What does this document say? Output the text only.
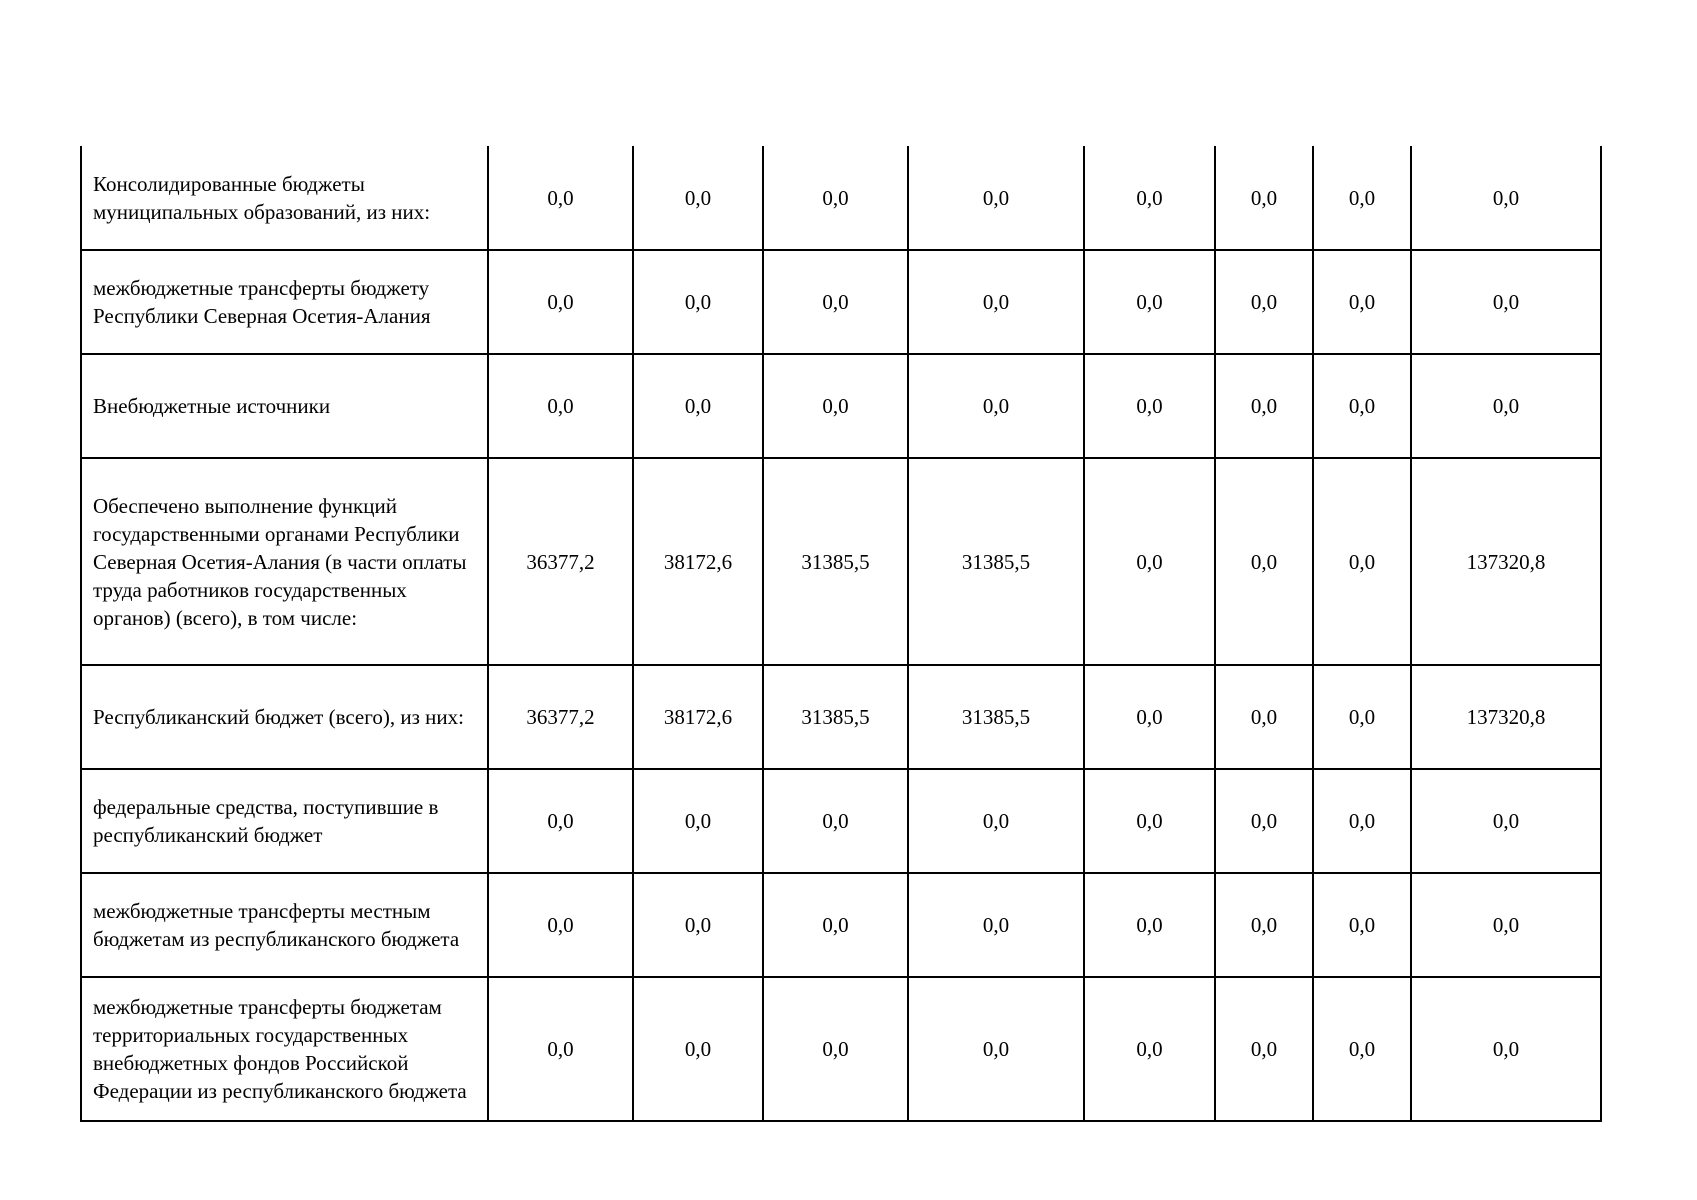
Консолидированные бюджеты муниципальных образований, из них:	0,0	0,0	0,0	0,0	0,0	0,0	0,0	0,0
межбюджетные трансферты бюджету Республики Северная Осетия-Алания	0,0	0,0	0,0	0,0	0,0	0,0	0,0	0,0
Внебюджетные источники	0,0	0,0	0,0	0,0	0,0	0,0	0,0	0,0
Обеспечено выполнение функций государственными органами Республики Северная Осетия-Алания (в части оплаты труда работников государственных органов) (всего), в том числе:	36377,2	38172,6	31385,5	31385,5	0,0	0,0	0,0	137320,8
Республиканский бюджет (всего), из них:	36377,2	38172,6	31385,5	31385,5	0,0	0,0	0,0	137320,8
федеральные средства, поступившие в республиканский бюджет	0,0	0,0	0,0	0,0	0,0	0,0	0,0	0,0
межбюджетные трансферты местным бюджетам из республиканского бюджета	0,0	0,0	0,0	0,0	0,0	0,0	0,0	0,0
межбюджетные трансферты бюджетам территориальных государственных внебюджетных фондов Российской Федерации из республиканского бюджета	0,0	0,0	0,0	0,0	0,0	0,0	0,0	0,0
